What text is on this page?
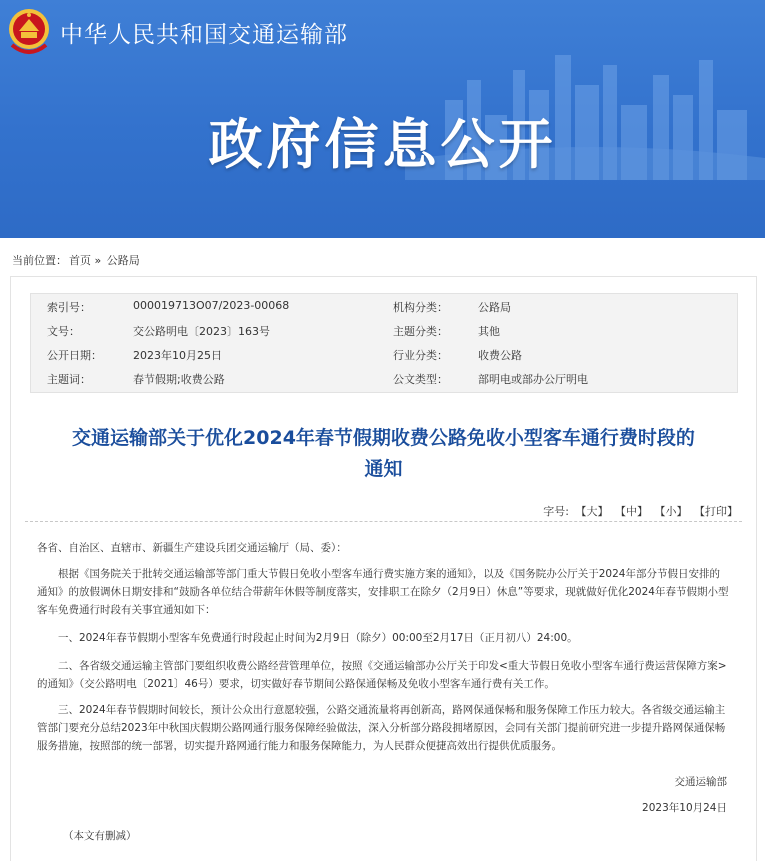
中华人民共和国交通运输部
政府信息公开
当前位置： 首页 » 公路局
索引号：	000019713O07/2023-00068	机构分类：	公路局
文号：	交公路明电〔2023〕163号	主题分类：	其他
公开日期：	2023年10月25日	行业分类：	收费公路
主题词：	春节假期;收费公路	公文类型：	部明电或部办公厅明电
交通运输部关于优化2024年春节假期收费公路免收小型客车通行费时段的
通知
字号: 【大】 【中】 【小】 【打印】
各省、自治区、直辖市、新疆生产建设兵团交通运输厅（局、委）：
根据《国务院关于批转交通运输部等部门重大节假日免收小型客车通行费实施方案的通知》，以及《国务院办公厅关于2024年部分节假日安排的通知》的放假调休日期安排和“鼓励各单位结合带薪年休假等制度落实，安排职工在除夕（2月9日）休息”等要求，现就做好优化2024年春节假期小型客车免费通行时段有关事宜通知如下：
一、2024年春节假期小型客车免费通行时段起止时间为2月9日（除夕）00:00至2月17日（正月初八）24:00。
二、各省级交通运输主管部门要组织收费公路经营管理单位，按照《交通运输部办公厅关于印发<重大节假日免收小型客车通行费运营保障方案>的通知》（交公路明电〔2021〕46号）要求，切实做好春节期间公路保通保畅及免收小型客车通行费有关工作。
三、2024年春节假期时间较长，预计公众出行意愿较强，公路交通流量将再创新高，路网保通保畅和服务保障工作压力较大。各省级交通运输主管部门要充分总结2023年中秋国庆假期公路网通行服务保障经验做法，深入分析部分路段拥堵原因，会同有关部门提前研究进一步提升路网保通保畅服务措施，按照部的统一部署，切实提升路网通行能力和服务保障能力，为人民群众便捷高效出行提供优质服务。
交通运输部
2023年10月24日
（本文有删减）
